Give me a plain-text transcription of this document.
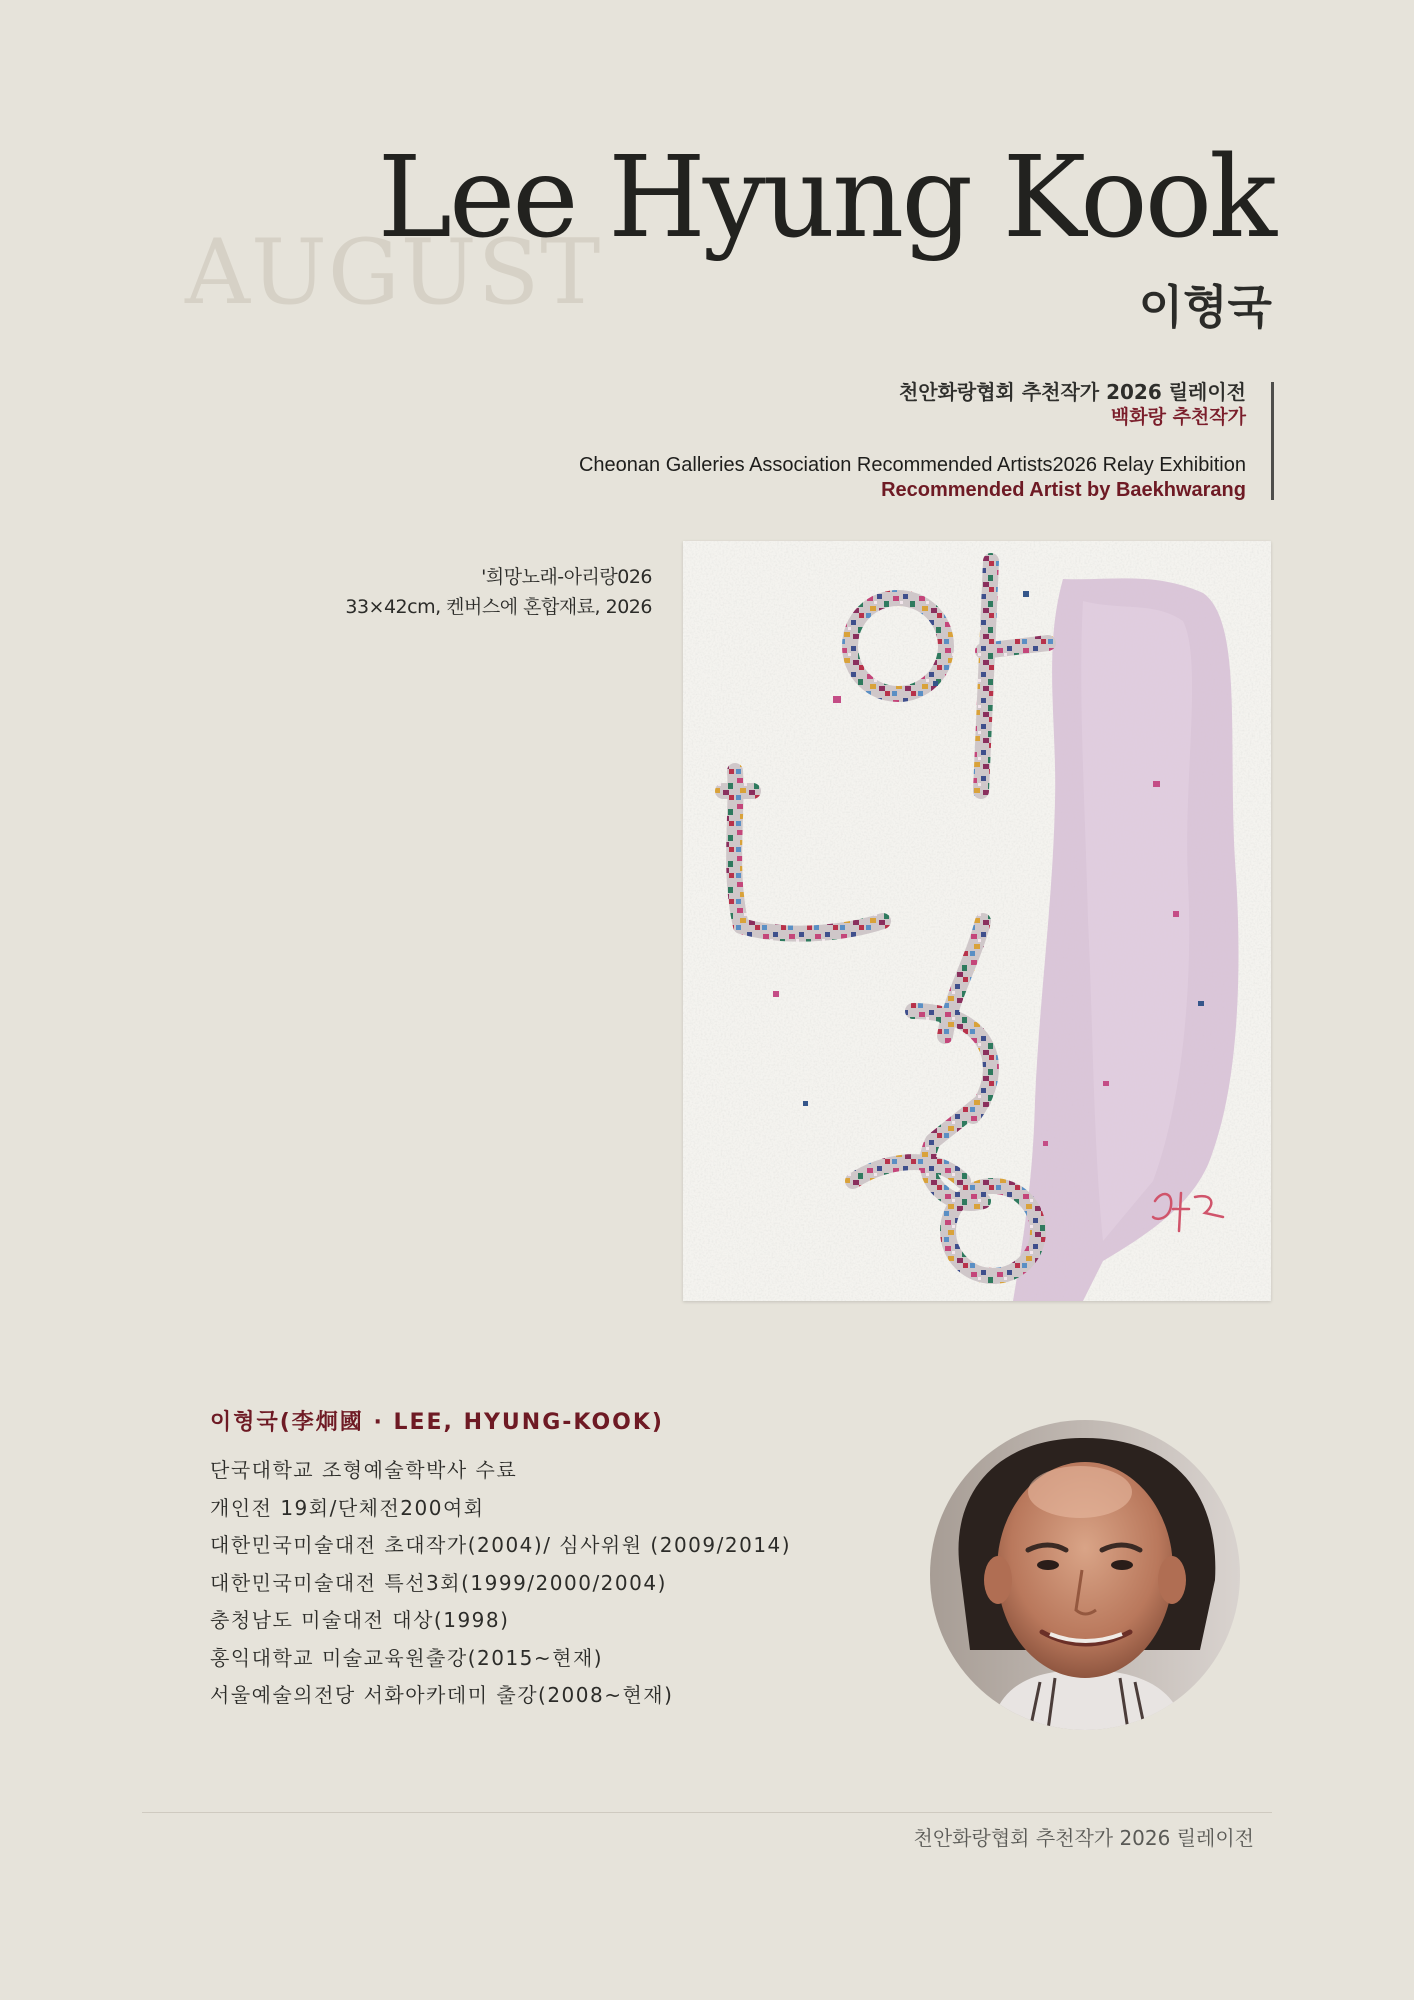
AUGUST
Lee Hyung Kook
이형국
천안화랑협회 추천작가 2026 릴레이전
백화랑 추천작가
Cheonan Galleries Association Recommended Artists2026 Relay Exhibition
Recommended Artist by Baekhwarang
'희망노래-아리랑026
33×42cm, 켄버스에 혼합재료, 2026
이형국(李炯國 · LEE, HYUNG-KOOK)
단국대학교 조형예술학박사 수료
개인전 19회/단체전200여회
대한민국미술대전 초대작가(2004)/ 심사위원 (2009/2014)
대한민국미술대전 특선3회(1999/2000/2004)
충청남도 미술대전 대상(1998)
홍익대학교 미술교육원출강(2015~현재)
서울예술의전당 서화아카데미 출강(2008~현재)
천안화랑협회 추천작가 2026 릴레이전
